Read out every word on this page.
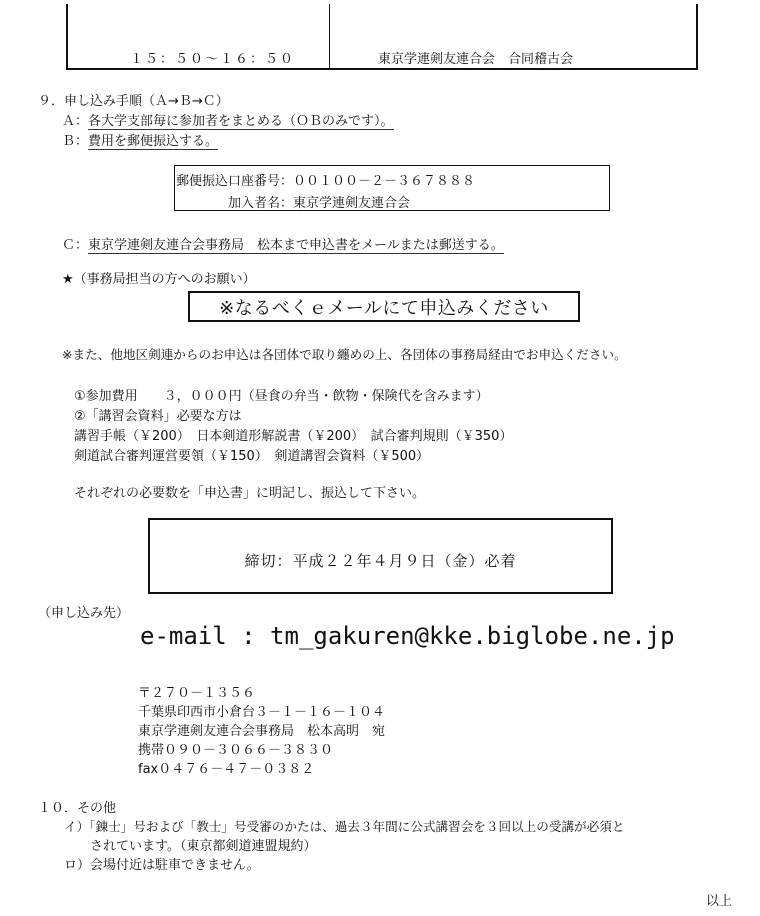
１５：５０～１６：５０	東京学連剣友連合会　合同稽古会
９．申し込み手順（Ａ→Ｂ→Ｃ）
Ａ：各大学支部毎に参加者をまとめる（ＯＢのみです）。
Ｂ：費用を郵便振込する。
郵便振込口座番号：００１００－２－３６７８８８
加入者名：東京学連剣友連合会
Ｃ：東京学連剣友連合会事務局　松本まで申込書をメールまたは郵送する。
★（事務局担当の方へのお願い）
※なるべくｅメールにて申込みください
※また、他地区剣連からのお申込は各団体で取り纏めの上、各団体の事務局経由でお申込ください。
①参加費用　　３，０００円（昼食の弁当・飲物・保険代を含みます）
②「講習会資料」必要な方は
講習手帳（￥200）　日本剣道形解説書（￥200）　試合審判規則（￥350）
剣道試合審判運営要領（￥150）　剣道講習会資料（￥500）
それぞれの必要数を「申込書」に明記し、振込して下さい。
締切：平成２２年４月９日（金）必着
（申し込み先）
e-mail : tm_gakuren@kke.biglobe.ne.jp
〒２７０－１３５６
千葉県印西市小倉台３－１－１６－１０４
東京学連剣友連合会事務局　松本高明　宛
携帯０９０－３０６６－３８３０
fax０４７６－４７－０３８２
１０．その他
イ）「錬士」号および「教士」号受審のかたは、過去３年間に公式講習会を３回以上の受講が必須と
されています。（東京都剣道連盟規約）
ロ）会場付近は駐車できません。
以上
